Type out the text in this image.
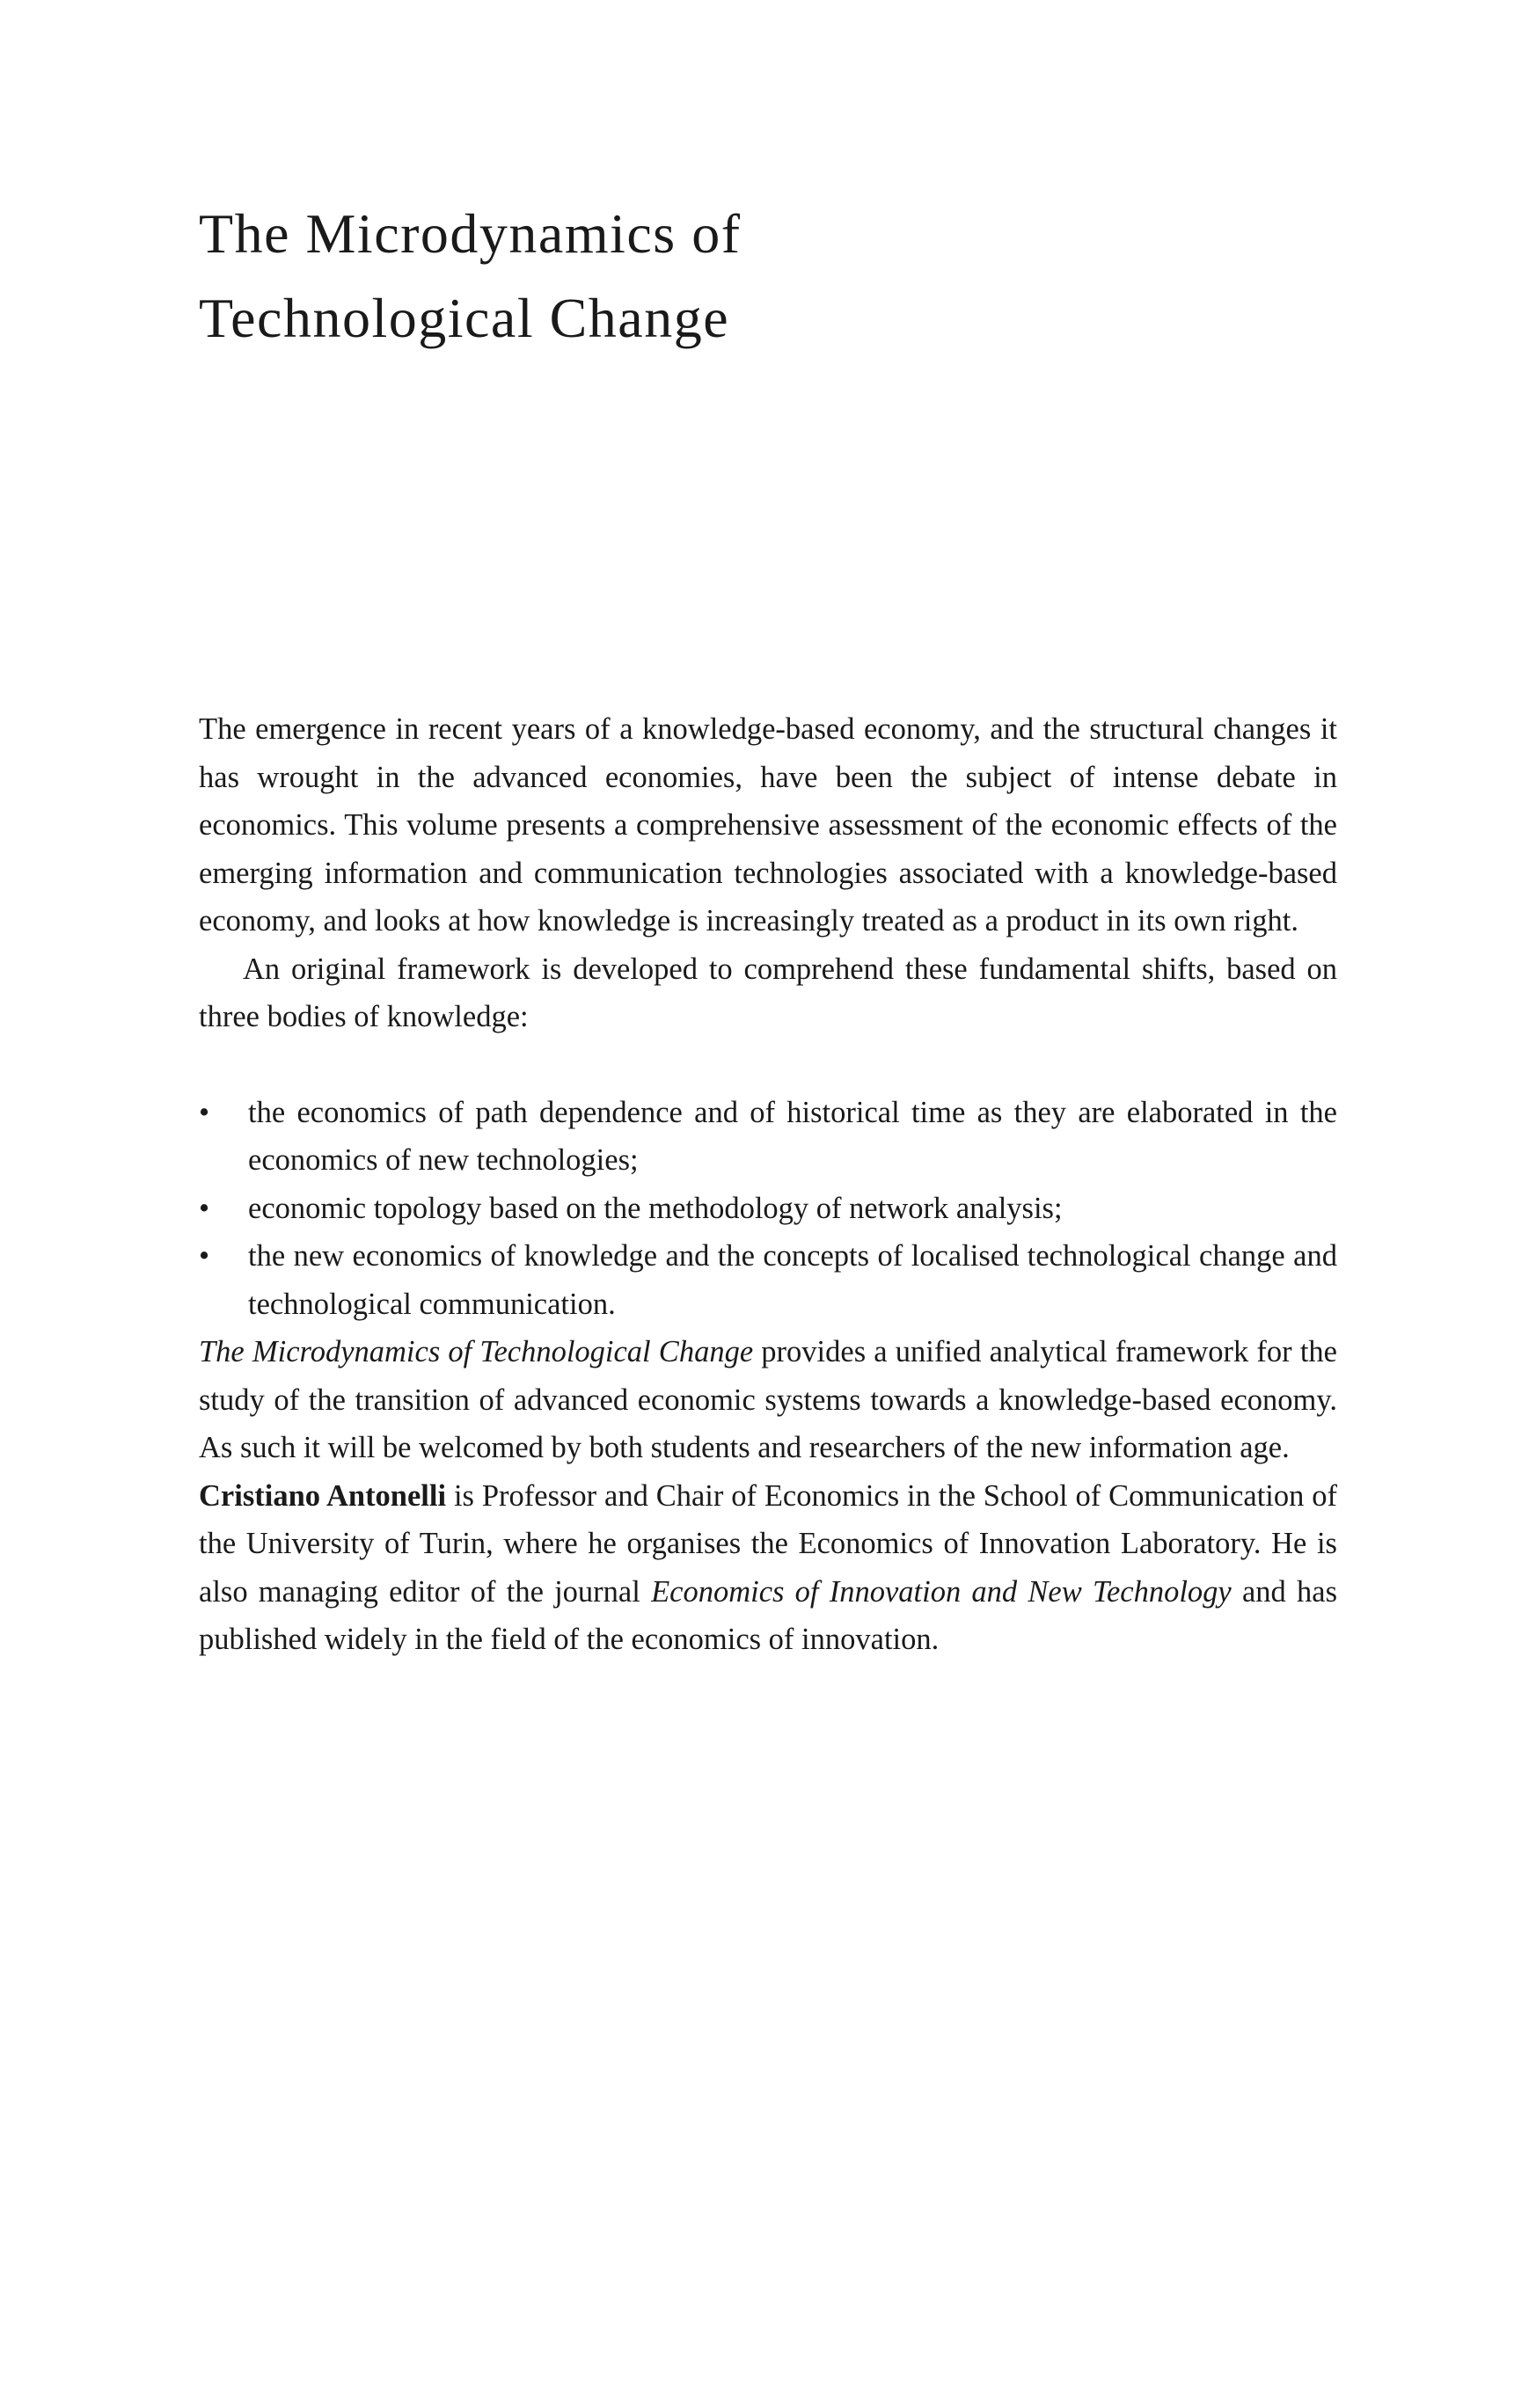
The Microdynamics of
Technological Change

The emergence in recent years of a knowledge-based economy, and the structural changes it has wrought in the advanced economies, have been the subject of intense debate in economics. This volume presents a comprehensive assessment of the economic effects of the emerging information and communication technologies associated with a knowledge-based economy, and looks at how knowledge is increasingly treated as a product in its own right.

An original framework is developed to comprehend these fundamental shifts, based on three bodies of knowledge:

•	the economics of path dependence and of historical time as they are elaborated in the economics of new technologies;
•	economic topology based on the methodology of network analysis;
•	the new economics of knowledge and the concepts of localised technological change and technological communication.

The Microdynamics of Technological Change provides a unified analytical framework for the study of the transition of advanced economic systems towards a knowledge-based economy. As such it will be welcomed by both students and researchers of the new information age.

Cristiano Antonelli is Professor and Chair of Economics in the School of Communication of the University of Turin, where he organises the Economics of Innovation Laboratory. He is also managing editor of the journal Economics of Innovation and New Technology and has published widely in the field of the economics of innovation.
